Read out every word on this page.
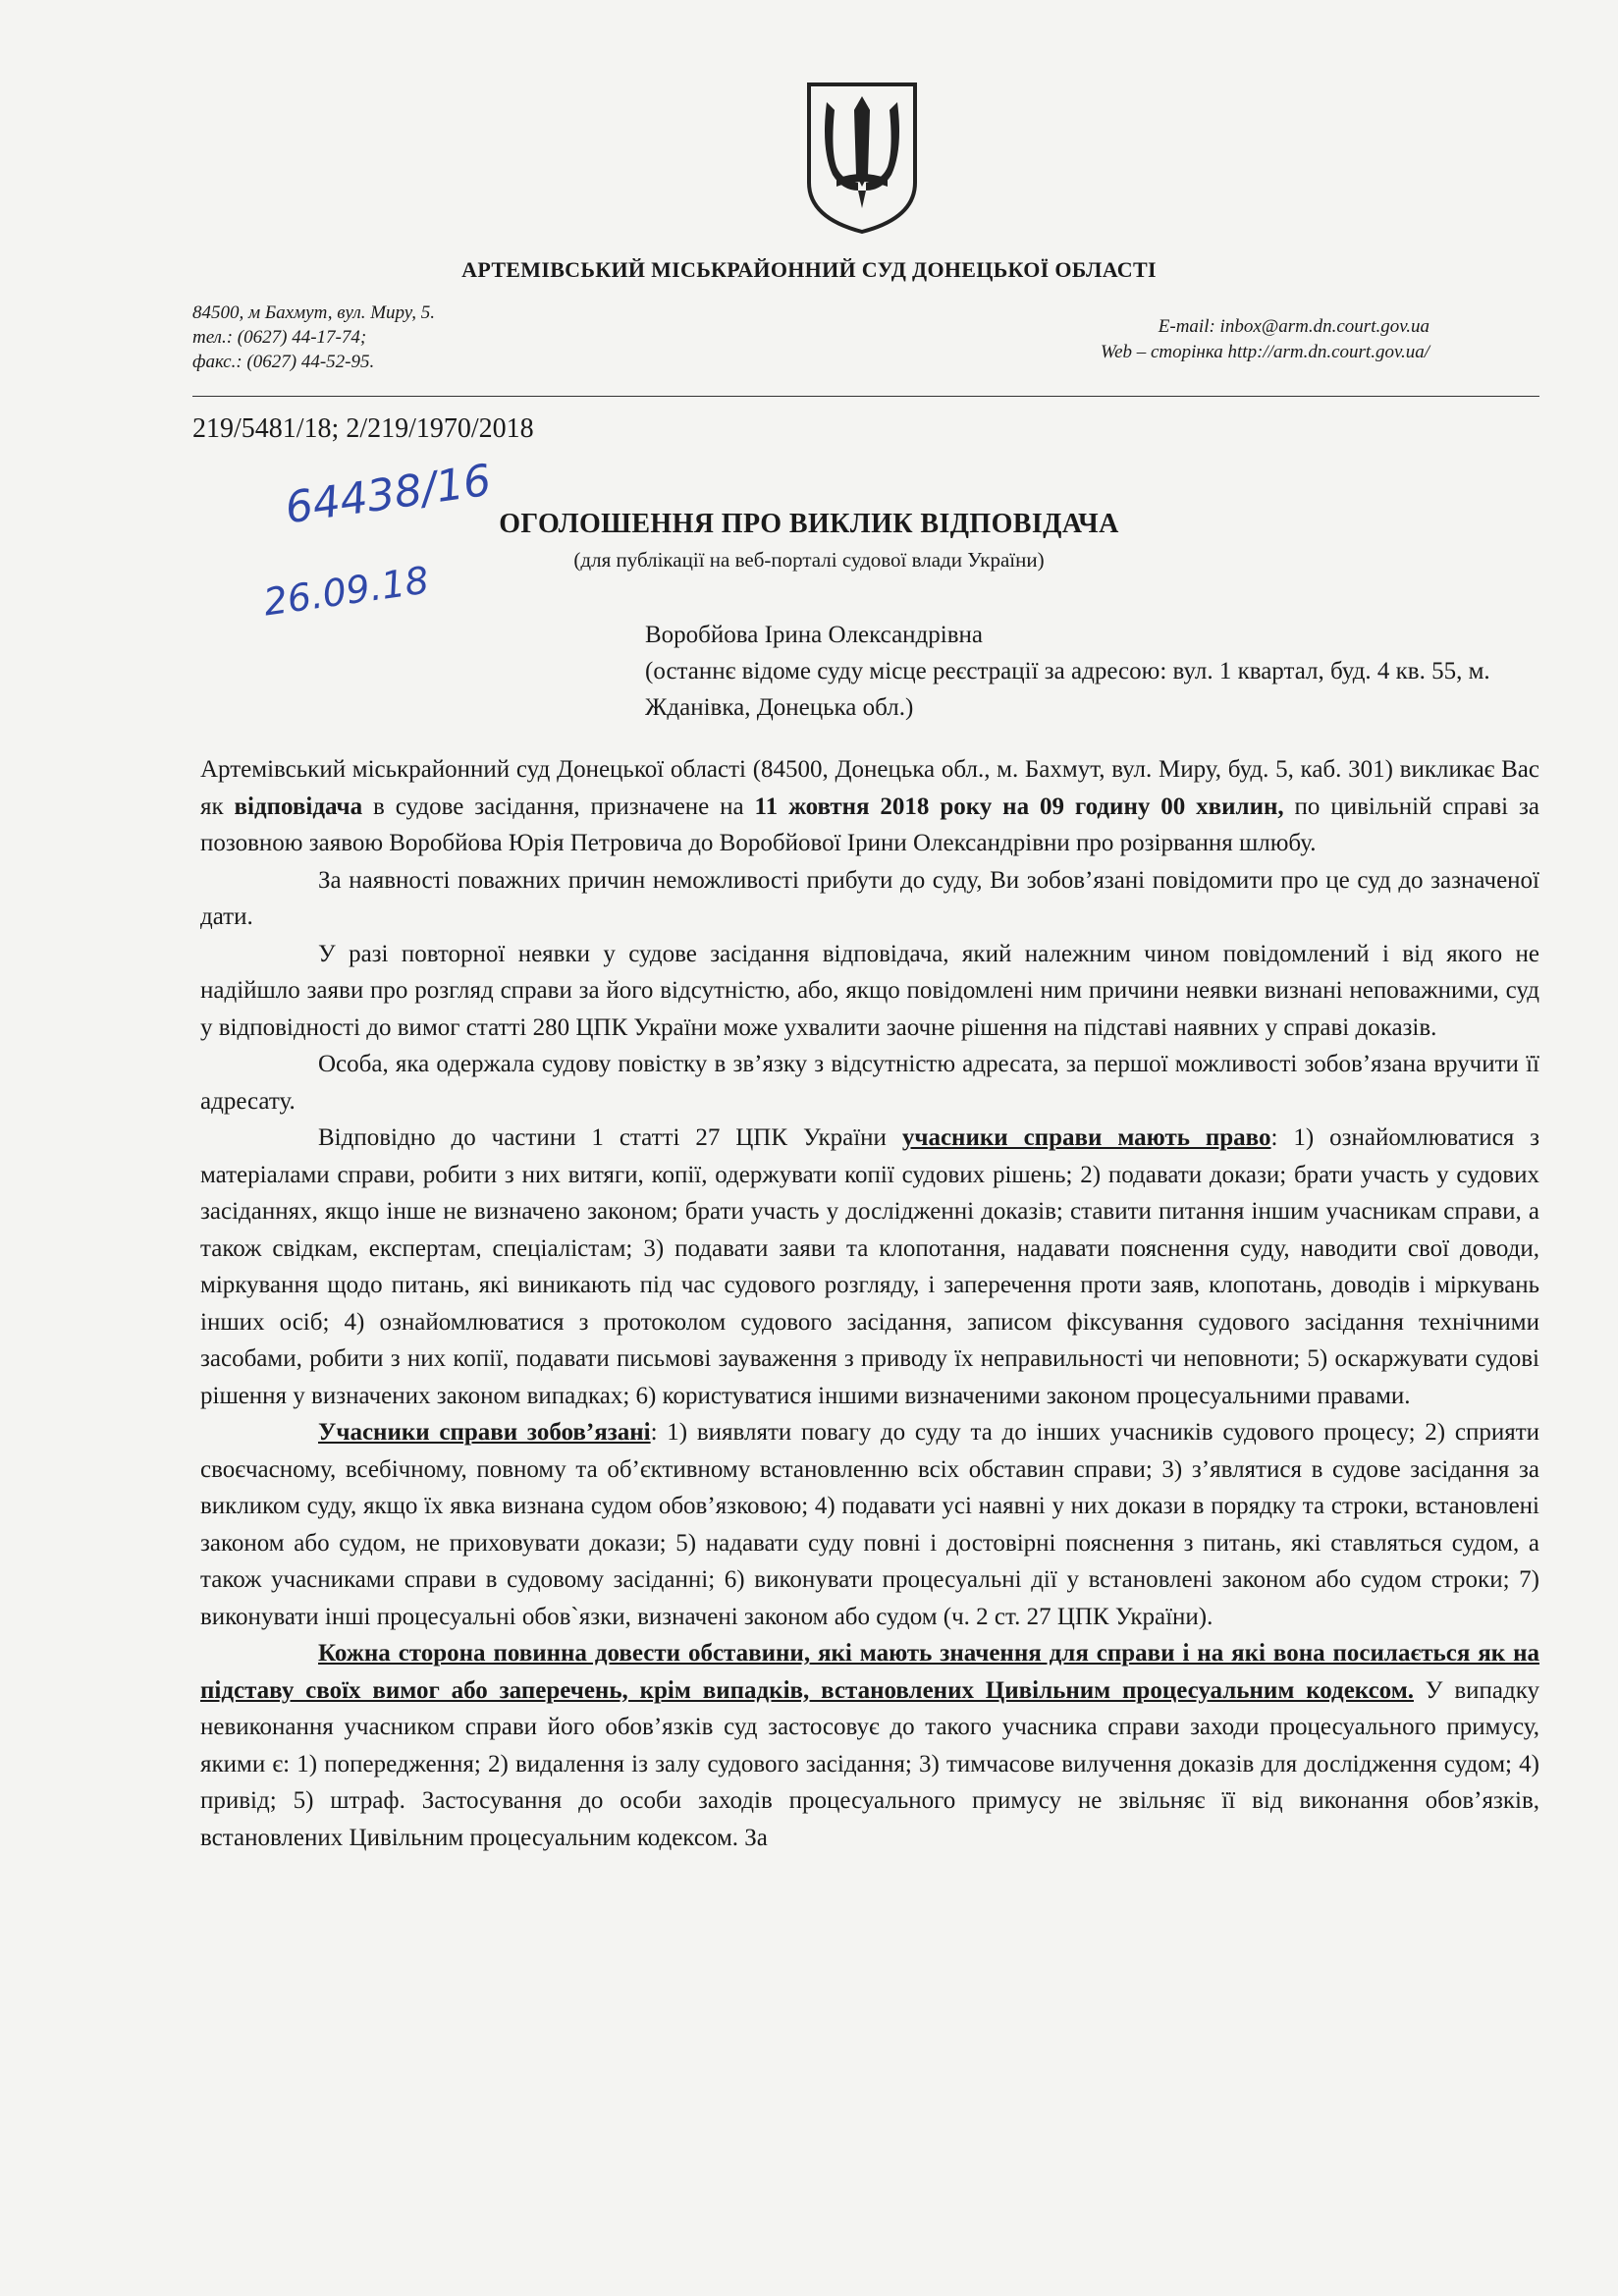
АРТЕМІВСЬКИЙ МІСЬКРАЙОННИЙ СУД ДОНЕЦЬКОЇ ОБЛАСТІ
84500, м Бахмут, вул. Миру, 5.
тел.: (0627) 44-17-74;
факс.: (0627) 44-52-95.
E-mail: inbox@arm.dn.court.gov.ua
Web – сторінка http://arm.dn.court.gov.ua/
219/5481/18; 2/219/1970/2018
64438/16
26.09.18
ОГОЛОШЕННЯ ПРО ВИКЛИК ВІДПОВІДАЧА
(для публікації на веб-порталі судової влади України)
Воробйова Ірина Олександрівна
(останнє відоме суду місце реєстрації за адресою: вул. 1 квартал, буд. 4 кв. 55, м. Жданівка, Донецька обл.)

Артемівський міськрайонний суд Донецької області (84500, Донецька обл., м. Бахмут, вул. Миру, буд. 5, каб. 301) викликає Вас як відповідача в судове засідання, призначене на 11 жовтня 2018 року на 09 годину 00 хвилин, по цивільній справі за позовною заявою Воробйова Юрія Петровича до Воробйової Ірини Олександрівни про розірвання шлюбу.

За наявності поважних причин неможливості прибути до суду, Ви зобов’язані повідомити про це суд до зазначеної дати.

У разі повторної неявки у судове засідання відповідача, який належним чином повідомлений і від якого не надійшло заяви про розгляд справи за його відсутністю, або, якщо повідомлені ним причини неявки визнані неповажними, суд у відповідності до вимог статті 280 ЦПК України може ухвалити заочне рішення на підставі наявних у справі доказів.

Особа, яка одержала судову повістку в зв’язку з відсутністю адресата, за першої можливості зобов’язана вручити її адресату.

Відповідно до частини 1 статті 27 ЦПК України учасники справи мають право: 1) ознайомлюватися з матеріалами справи, робити з них витяги, копії, одержувати копії судових рішень; 2) подавати докази; брати участь у судових засіданнях, якщо інше не визначено законом; брати участь у дослідженні доказів; ставити питання іншим учасникам справи, а також свідкам, експертам, спеціалістам; 3) подавати заяви та клопотання, надавати пояснення суду, наводити свої доводи, міркування щодо питань, які виникають під час судового розгляду, і заперечення проти заяв, клопотань, доводів і міркувань інших осіб; 4) ознайомлюватися з протоколом судового засідання, записом фіксування судового засідання технічними засобами, робити з них копії, подавати письмові зауваження з приводу їх неправильності чи неповноти; 5) оскаржувати судові рішення у визначених законом випадках; 6) користуватися іншими визначеними законом процесуальними правами.

Учасники справи зобов’язані: 1) виявляти повагу до суду та до інших учасників судового процесу; 2) сприяти своєчасному, всебічному, повному та об’єктивному встановленню всіх обставин справи; 3) з’являтися в судове засідання за викликом суду, якщо їх явка визнана судом обов’язковою; 4) подавати усі наявні у них докази в порядку та строки, встановлені законом або судом, не приховувати докази; 5) надавати суду повні і достовірні пояснення з питань, які ставляться судом, а також учасниками справи в судовому засіданні; 6) виконувати процесуальні дії у встановлені законом або судом строки; 7) виконувати інші процесуальні обов`язки, визначені законом або судом (ч. 2 ст. 27 ЦПК України).

Кожна сторона повинна довести обставини, які мають значення для справи і на які вона посилається як на підставу своїх вимог або заперечень, крім випадків, встановлених Цивільним процесуальним кодексом. У випадку невиконання учасником справи його обов’язків суд застосовує до такого учасника справи заходи процесуального примусу, якими є: 1) попередження; 2) видалення із залу судового засідання; 3) тимчасове вилучення доказів для дослідження судом; 4) привід; 5) штраф. Застосування до особи заходів процесуального примусу не звільняє її від виконання обов’язків, встановлених Цивільним процесуальним кодексом. За
